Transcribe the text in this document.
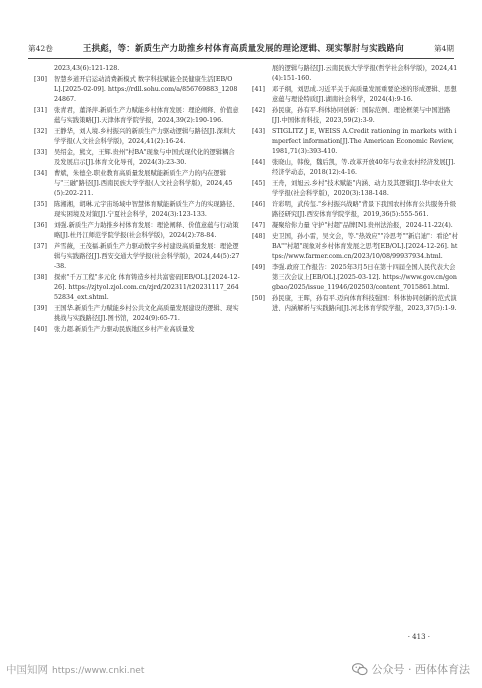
第42卷	王拱彪，等：新质生产力助推乡村体育高质量发展的理论逻辑、现实掣肘与实践路向	第4期
2023,43(6):121-128.
[30]	智慧乡道开启运动消费新模式 数字科技赋能全民健康生活[EB/OL].[2025-02-09]. https://rdll.sohu.com/a/856769883_120824867.
[31]	张青君，董泽萍.新质生产力赋能乡村体育发展：理论阐释、价值意蕴与实践策略[J].天津体育学院学报，2024,39(2):190-196.
[32]	王静华，刘人境.乡村振兴的新质生产力驱动逻辑与路径[J].深圳大学学报(人文社会科学版)，2024,41(2):16-24.
[33]	吴绍金，熊文，王辉.贵州"村BA"现象与中国式现代化的逻辑耦合及发展启示[J].体育文化导刊，2024(3):23-30.
[34]	曹斌，朱德全.职业教育高质量发展赋能新质生产力的内在逻辑与"三融"路径[J].西南民族大学学报(人文社会科学版)，2024,45(5):202-211.
[35]	陈湘湘，胡琳.元宇宙场域中智慧体育赋能新质生产力的实现路径、现实困境及对策[J].宁夏社会科学，2024(3):123-133.
[36]	刘强.新质生产力助推乡村体育发展：理论阐释、价值意蕴与行动策略[J].杜丹江师范学院学报(社会科学版)，2024(2):78-84.
[37]	芦雪薇，王茂福.新质生产力驱动数字乡村建设高质量发展：理论逻辑与实践路径[J].西安交通大学学报(社会科学版)，2024,44(5):27-38.
[38]	探索"千万工程"多元化 体育铸造乡村共富密码[EB/OL].[2024-12-26]. https://zjtyol.zjol.com.cn/zjrd/202311/t20231117_26452834_ext.shtml.
[39]	王国华.新质生产力赋能乡村公共文化高质量发展建设的逻辑、现实挑战与实践路径[J].图书馆，2024(9):65-71.
[40]	张力超.新质生产力驱动民族地区乡村产业高质量发
展的逻辑与路径[J].云南民族大学学报(哲学社会科学版)，2024,41(4):151-160.
[41]	邓子纲，刘思成.习近平关于高质量发展重要论述的形成逻辑、思想意蕴与理论特质[J].湖南社会科学，2024(4):9-16.
[42]	孙民康，孙有平.科体协同创新：国际范例、理论框架与中国进路[J].中国体育科技，2023,59(2):3-9.
[43]	STIGLITZ J E, WEISS A.Credit rationing in markets with imperfect information[J].The American Economic Review, 1981,71(3):393-410.
[44]	张晓山，韩俊，魏后凯，等.改革开放40年与农业农村经济发展[J].经济学动态，2018(12):4-16.
[45]	王舟，刘旭云.乡村"技术赋能"内涵、动力及其逻辑[J].华中农业大学学报(社会科学版)，2020(3):138-148.
[46]	许彩明，武传玺."乡村振兴战略"背景下我国农村体育公共服务升级路径研究[J].西安体育学院学报，2019,36(5):555-561.
[47]	凝聚给你力量 守护"村超"品牌[N].贵州法治报，2024-11-22(4).
[48]	史卫国，孙小雷，吴文会，等."热效应""冷思考""新启迪"：看论"村BA""村超"现象对乡村体育发展之思考[EB/OL].[2024-12-26]. https://www.farmer.com.cn/2023/10/08/99937934.html.
[49]	李强.政府工作报告：2025年3月5日在第十四届全国人民代表大会第三次会议上[EB/OL].[2025-03-12]. https://www.gov.cn/gongbao/2025/issue_11946/202503/content_7015861.html.
[50]	孙民康，王晖，孙有平.迈向体育科技强国：科体协同创新的范式演进、内涵解析与实践路向[J].河北体育学院学报，2023,37(5):1-9.
· 413 ·
中国知网 https://www.cnki.net	公众号 · 西体体育法
